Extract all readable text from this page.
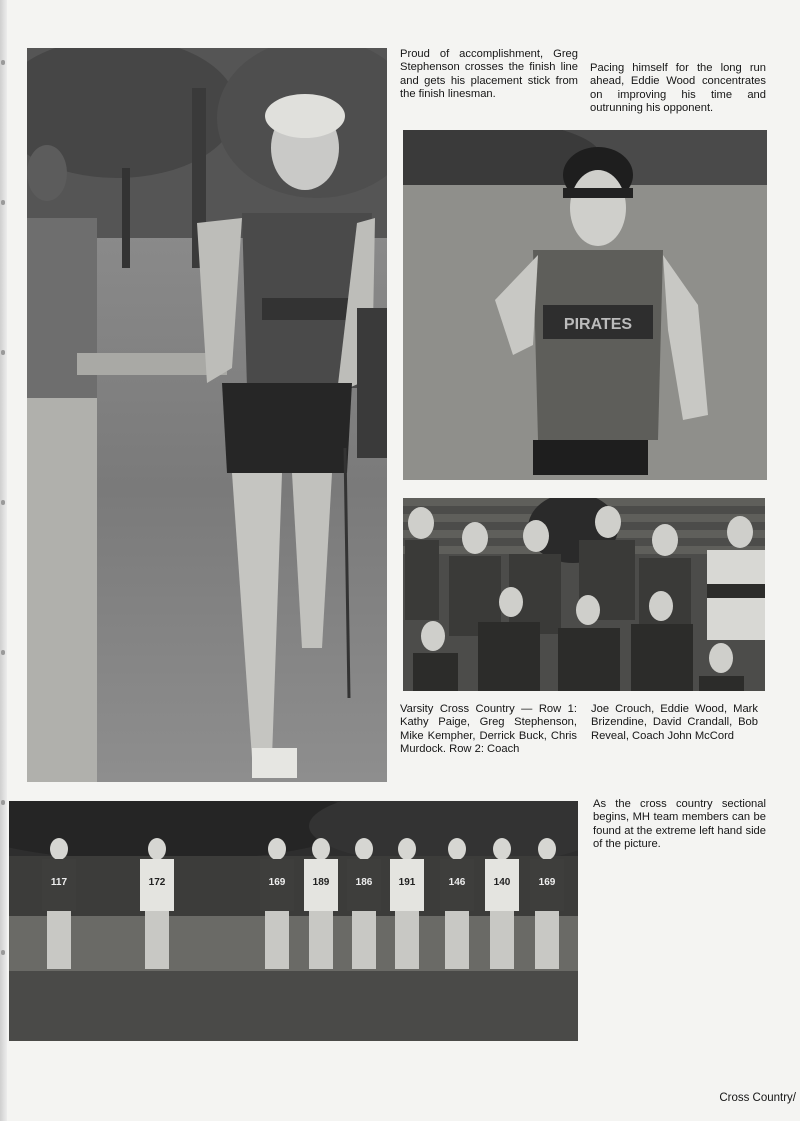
Proud of accomplishment, Greg Stephenson crosses the finish line and gets his placement stick from the finish linesman.

Pacing himself for the long run ahead, Eddie Wood concentrates on improving his time and outrunning his opponent.

PIRATES

Varsity Cross Country — Row 1: Kathy Paige, Greg Stephenson, Mike Kempher, Derrick Buck, Chris Murdock. Row 2: Coach

Joe Crouch, Eddie Wood, Mark Brizendine, David Crandall, Bob Reveal, Coach John McCord

117	172	169	189	186	191	146	140	169

As the cross country sectional begins, MH team members can be found at the extreme left hand side of the picture.

Cross Country/
